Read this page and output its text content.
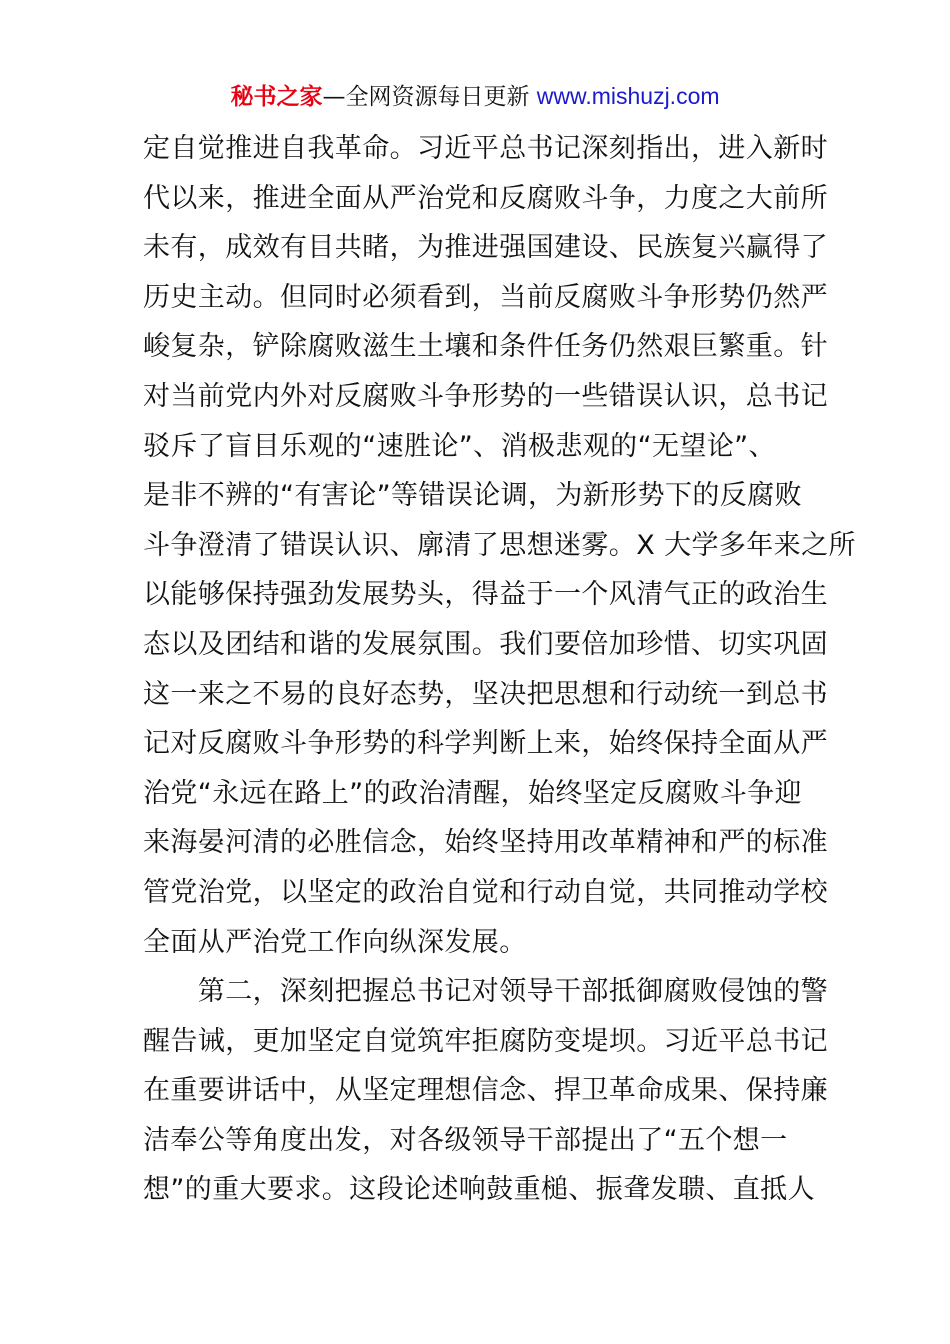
秘书之家—全网资源每日更新 www.mishuzj.com
定自觉推进自我革命。习近平总书记深刻指出，进入新时
代以来，推进全面从严治党和反腐败斗争，力度之大前所
未有，成效有目共睹，为推进强国建设、民族复兴赢得了
历史主动。但同时必须看到，当前反腐败斗争形势仍然严
峻复杂，铲除腐败滋生土壤和条件任务仍然艰巨繁重。针
对当前党内外对反腐败斗争形势的一些错误认识，总书记
驳斥了盲目乐观的“速胜论”、消极悲观的“无望论”、
是非不辨的“有害论”等错误论调，为新形势下的反腐败
斗争澄清了错误认识、廓清了思想迷雾。X 大学多年来之所
以能够保持强劲发展势头，得益于一个风清气正的政治生
态以及团结和谐的发展氛围。我们要倍加珍惜、切实巩固
这一来之不易的良好态势，坚决把思想和行动统一到总书
记对反腐败斗争形势的科学判断上来，始终保持全面从严
治党“永远在路上”的政治清醒，始终坚定反腐败斗争迎
来海晏河清的必胜信念，始终坚持用改革精神和严的标准
管党治党，以坚定的政治自觉和行动自觉，共同推动学校
全面从严治党工作向纵深发展。
　　第二，深刻把握总书记对领导干部抵御腐败侵蚀的警
醒告诫，更加坚定自觉筑牢拒腐防变堤坝。习近平总书记
在重要讲话中，从坚定理想信念、捍卫革命成果、保持廉
洁奉公等角度出发，对各级领导干部提出了“五个想一
想”的重大要求。这段论述响鼓重槌、振聋发聩、直抵人
